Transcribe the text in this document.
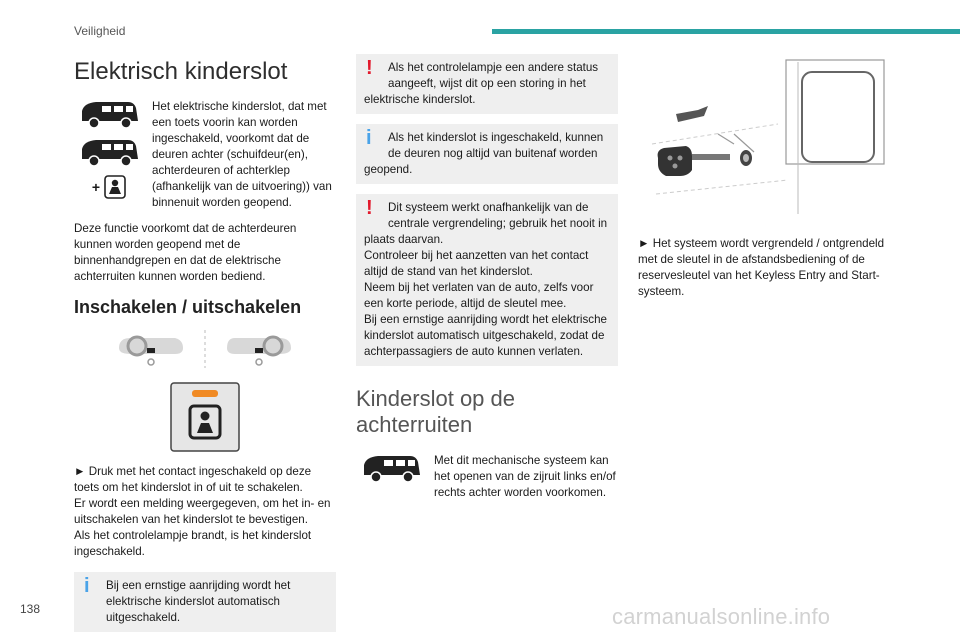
Veiligheid
Elektrisch kinderslot
+
Het elektrische kinderslot, dat met een toets voorin kan worden ingeschakeld, voorkomt dat de deuren achter (schuifdeur(en), achterdeuren of achterklep (afhankelijk van de uitvoering)) van binnenuit worden geopend.

Deze functie voorkomt dat de achterdeuren kunnen worden geopend met de binnenhandgrepen en dat de elektrische achterruiten kunnen worden bediend.

Inschakelen / uitschakelen
► Druk met het contact ingeschakeld op deze toets om het kinderslot in of uit te schakelen.
Er wordt een melding weergegeven, om het in- en uitschakelen van het kinderslot te bevestigen.
Als het controlelampje brandt, is het kinderslot ingeschakeld.
i	Bij een ernstige aanrijding wordt het elektrische kinderslot automatisch uitgeschakeld.
!	Als het controlelampje een andere status aangeeft, wijst dit op een storing in het
elektrische kinderslot.
i	Als het kinderslot is ingeschakeld, kunnen de deuren nog altijd van buitenaf worden
geopend.
!	Dit systeem werkt onafhankelijk van de centrale vergrendeling; gebruik het nooit in
plaats daarvan.
Controleer bij het aanzetten van het contact altijd de stand van het kinderslot.
Neem bij het verlaten van de auto, zelfs voor een korte periode, altijd de sleutel mee.
Bij een ernstige aanrijding wordt het elektrische kinderslot automatisch uitgeschakeld, zodat de achterpassagiers de auto kunnen verlaten.
Kinderslot op de achterruiten
Met dit mechanische systeem kan het openen van de zijruit links en/of rechts achter worden voorkomen.
► Het systeem wordt vergrendeld / ontgrendeld met de sleutel in de afstandsbediening of de reservesleutel van het Keyless Entry and Start-systeem.
138	carmanualsonline.info
